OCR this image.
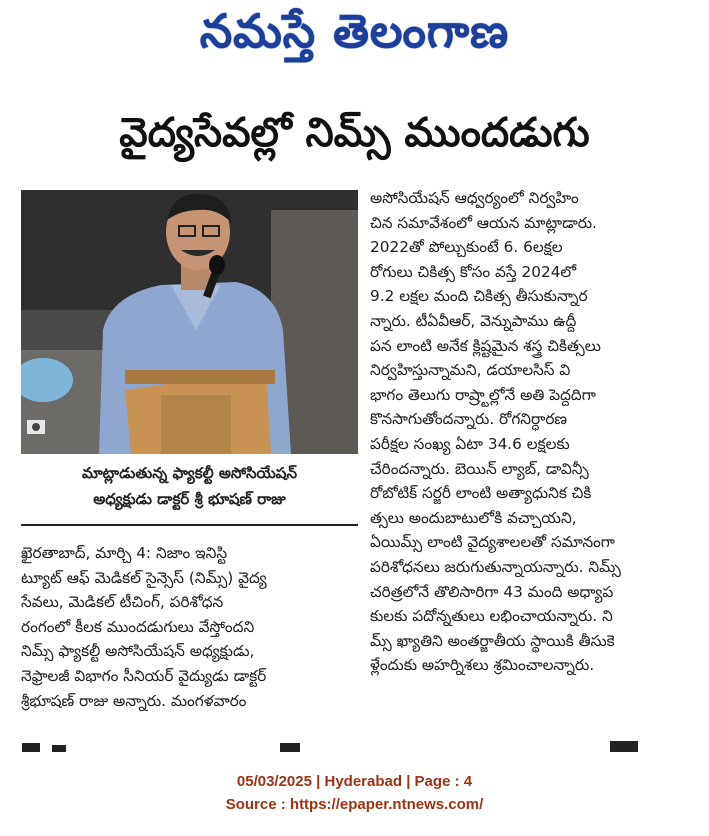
నమస్తే తెలంగాణ
వైద్యసేవల్లో నిమ్స్‌ ముందడుగు
మాట్లాడుతున్న ఫ్యాకల్టీ అసోసియేషన్‌
అధ్యక్షుడు డాక్టర్‌ శ్రీ భూషణ్‌ రాజు

ఖైరతాబాద్‌, మార్చి 4: నిజాం ఇనిస్టి

ట్యూట్‌ ఆఫ్‌ మెడికల్‌ సైన్సెస్‌ (నిమ్స్‌) వైద్య

సేవలు, మెడికల్‌ టీచింగ్‌, పరిశోధన

రంగంలో కీలక ముందడుగులు వేస్తోందని

నిమ్స్‌ ఫ్యాకల్టీ అసోసియేషన్‌ అధ్యక్షుడు,

నెఫ్రాలజీ విభాగం సీనియర్‌ వైద్యుడు డాక్టర్‌

శ్రీభూషణ్‌ రాజు అన్నారు. మంగళవారం

అసోసియేషన్‌ ఆధ్వర్యంలో నిర్వహిం

చిన సమావేశంలో ఆయన మాట్లాడారు.

2022తో పోల్చుకుంటే 6. 6లక్షల

రోగులు చికిత్స కోసం వస్తే 2024లో

9.2 లక్షల మంది చికిత్స తీసుకున్నార

న్నారు. టీఏవీఆర్‌, వెన్నుపాము ఉద్దీ

పన లాంటి అనేక క్లిష్టమైన శస్త్ర చికిత్సలు

నిర్వహిస్తున్నామని, డయాలసిస్‌ వి

భాగం తెలుగు రాష్ర్టాల్లోనే అతి పెద్దదిగా

కొనసాగుతోందన్నారు. రోగనిర్ధారణ

పరీక్షల సంఖ్య ఏటా 34.6 లక్షలకు

చేరిందన్నారు. బెయిన్‌ ల్యాబ్‌, డావిన్సీ

రోబోటిక్‌ సర్జరీ లాంటి అత్యాధునిక చికి

త్సలు అందుబాటులోకి వచ్చాయని,

ఏయిమ్స్‌ లాంటి వైద్యశాలలతో సమానంగా

పరిశోధనలు జరుగుతున్నాయన్నారు. నిమ్స్‌

చరిత్రలోనే తొలిసారిగా 43 మంది అధ్యాప

కులకు పదోన్నతులు లభించాయన్నారు. ని

మ్స్‌ ఖ్యాతిని అంతర్జాతీయ స్థాయికి తీసుకె

ళ్లేందుకు అహర్నిశలు శ్రమించాలన్నారు.

05/03/2025 | Hyderabad | Page : 4
Source : https://epaper.ntnews.com/
